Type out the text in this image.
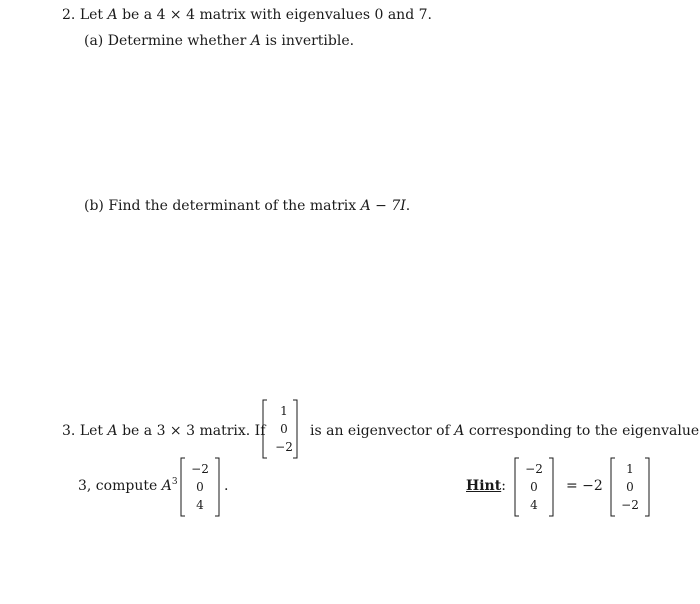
2. Let A be a 4 × 4 matrix with eigenvalues 0 and 7.
(a) Determine whether A is invertible.
(b) Find the determinant of the matrix A − 7I.
3. Let A be a 3 × 3 matrix. If
1
0
−2
is an eigenvector of A corresponding to the eigenvalue
3, compute $A^3$
−2
0
4
.	Hint:
−2
0
4
= −2
1
0
−2
